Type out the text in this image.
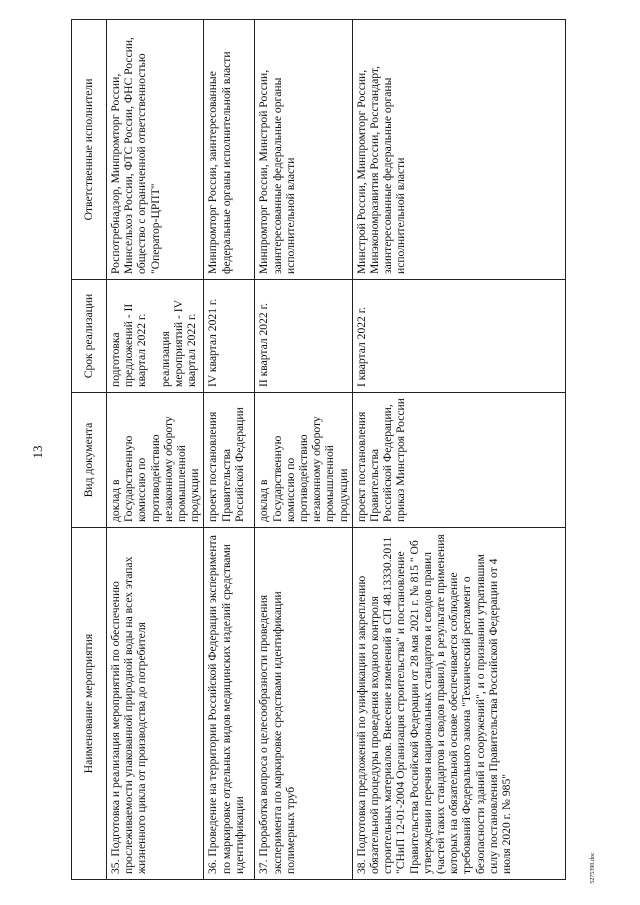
13
5275390.doc
Наименование мероприятия	Вид документа	Срок реализации	Ответственные исполнители
35. Подготовка и реализация мероприятий по обеспечению прослеживаемости упакованной природной воды на всех этапах жизненного цикла от производства до потребителя	доклад в Государственную комиссию по противодействию незаконному обороту промышленной продукции	подготовка предложений - II квартал 2022 г. реализация мероприятий - IV квартал 2022 г.	Роспотребнадзор, Минпромторг России, Минсельхоз России, ФТС России, ФНС России, общество с ограниченной ответственностью "Оператор-ЦРПТ"
36. Проведение на территории Российской Федерации эксперимента по маркировке отдельных видов медицинских изделий средствами идентификации	проект постановления Правительства Российской Федерации	IV квартал 2021 г.	Минпромторг России, заинтересованные федеральные органы исполнительной власти
37. Проработка вопроса о целесообразности проведения эксперимента по маркировке средствами идентификации полимерных труб	доклад в Государственную комиссию по противодействию незаконному обороту промышленной продукции	II квартал 2022 г.	Минпромторг России, Минстрой России, заинтересованные федеральные органы исполнительной власти
38. Подготовка предложений по унификации и закреплению обязательной процедуры проведения входного контроля строительных материалов. Внесение изменений в СП 48.13330.2011 "СНиП 12-01-2004 Организация строительства" и постановление Правительства Российской Федерации от 28 мая 2021 г. № 815 " Об утверждении перечня национальных стандартов и сводов правил (частей таких стандартов и сводов правил), в результате применения которых на обязательной основе обеспечивается соблюдение требований Федерального закона "Технический регламент о безопасности зданий и сооружений", и о признании утратившим силу постановления Правительства Российской Федерации от 4 июля 2020 г. № 985"	проект постановления Правительства Российской Федерации, приказ Минстроя России	I квартал 2022 г.	Минстрой России, Минпромторг России, Минэкономразвития России, Росстандарт, заинтересованные федеральные органы исполнительной власти
